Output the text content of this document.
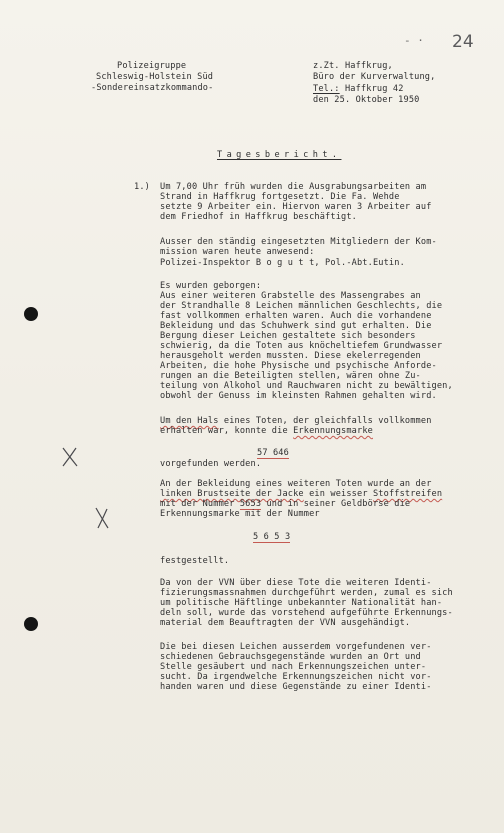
- · 24
Polizeigruppe
Schleswig-Holstein Süd
-Sondereinsatzkommando-
z.Zt. Haffkrug,
Büro der Kurverwaltung,
Tel.: Haffkrug 42
den 25. Oktober 1950
Tagesbericht.
1.) Um 7,00 Uhr früh wurden die Ausgrabungsarbeiten am
Strand in Haffkrug fortgesetzt. Die Fa. Wehde
setzte 9 Arbeiter ein. Hiervon waren 3 Arbeiter auf
dem Friedhof in Haffkrug beschäftigt.
Ausser den ständig eingesetzten Mitgliedern der Kom-
mission waren heute anwesend:
Polizei-Inspektor B o g u t t, Pol.-Abt.Eutin.
Es wurden geborgen:
Aus einer weiteren Grabstelle des Massengrabes an
der Strandhalle 8 Leichen männlichen Geschlechts, die
fast vollkommen erhalten waren. Auch die vorhandene
Bekleidung und das Schuhwerk sind gut erhalten. Die
Bergung dieser Leichen gestaltete sich besonders
schwierig, da die Toten aus knöcheltiefem Grundwasser
herausgeholt werden mussten. Diese ekelerregenden
Arbeiten, die hohe Physische und psychische Anforde-
rungen an die Beteiligten stellen, wären ohne Zu-
teilung von Alkohol und Rauchwaren nicht zu bewältigen,
obwohl der Genuss im kleinsten Rahmen gehalten wird.
Um den Hals eines Toten, der gleichfalls vollkommen
erhalten war, konnte die Erkennungsmarke
57 646
vorgefunden werden.
An der Bekleidung eines weiteren Toten wurde an der
linken Brustseite der Jacke ein weisser Stoffstreifen
mit der Nummer 5653 und in seiner Geldbörse die
Erkennungsmarke mit der Nummer
5 6 5 3
festgestellt.
Da von der VVN über diese Tote die weiteren Identi-
fizierungsmassnahmen durchgeführt werden, zumal es sich
um politische Häftlinge unbekannter Nationalität han-
deln soll, wurde das vorstehend aufgeführte Erkennungs-
material dem Beauftragten der VVN ausgehändigt.
Die bei diesen Leichen ausserdem vorgefundenen ver-
schiedenen Gebrauchsgegenstände wurden an Ort und
Stelle gesäubert und nach Erkennungszeichen unter-
sucht. Da irgendwelche Erkennungszeichen nicht vor-
handen waren und diese Gegenstände zu einer Identi-
